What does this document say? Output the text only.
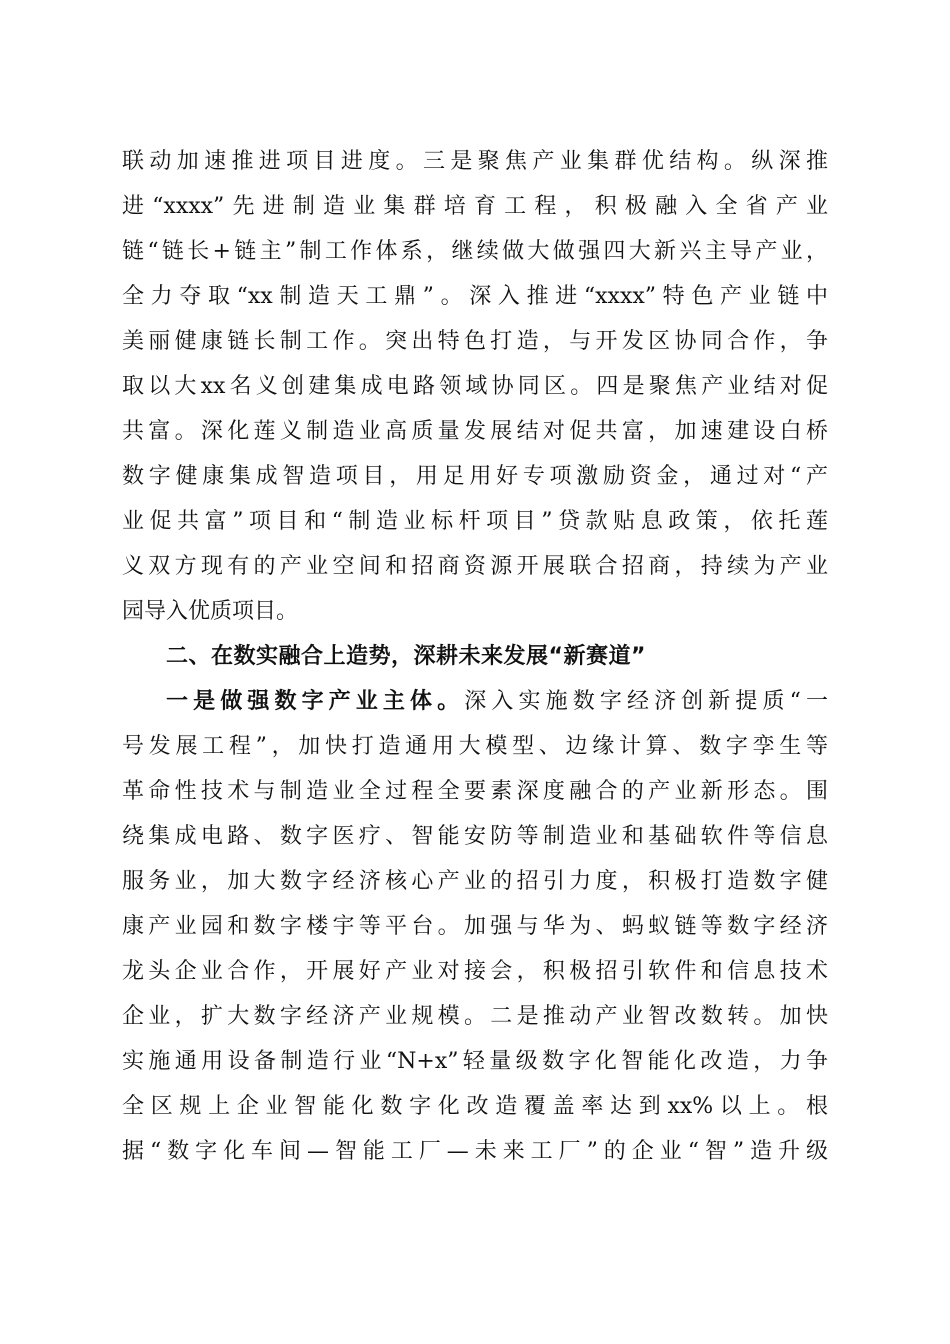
联动加速推进项目进度。三是聚焦产业集群优结构。纵深推
进“xxxx”先进制造业集群培育工程，积极融入全省产业
链“链长+链主”制工作体系，继续做大做强四大新兴主导产业，
全力夺取“xx制造天工鼎”。深入推进“xxxx”特色产业链中
美丽健康链长制工作。突出特色打造，与开发区协同合作，争
取以大xx名义创建集成电路领域协同区。四是聚焦产业结对促
共富。深化莲义制造业高质量发展结对促共富，加速建设白桥
数字健康集成智造项目，用足用好专项激励资金，通过对“产
业促共富”项目和“制造业标杆项目”贷款贴息政策，依托莲
义双方现有的产业空间和招商资源开展联合招商，持续为产业
园导入优质项目。
二、在数实融合上造势，深耕未来发展“新赛道”
一是做强数字产业主体。深入实施数字经济创新提质“一
号发展工程”，加快打造通用大模型、边缘计算、数字孪生等
革命性技术与制造业全过程全要素深度融合的产业新形态。围
绕集成电路、数字医疗、智能安防等制造业和基础软件等信息
服务业，加大数字经济核心产业的招引力度，积极打造数字健
康产业园和数字楼宇等平台。加强与华为、蚂蚁链等数字经济
龙头企业合作，开展好产业对接会，积极招引软件和信息技术
企业，扩大数字经济产业规模。二是推动产业智改数转。加快
实施通用设备制造行业“N+x”轻量级数字化智能化改造，力争
全区规上企业智能化数字化改造覆盖率达到xx%以上。根
据“数字化车间—智能工厂—未来工厂”的企业“智”造升级
